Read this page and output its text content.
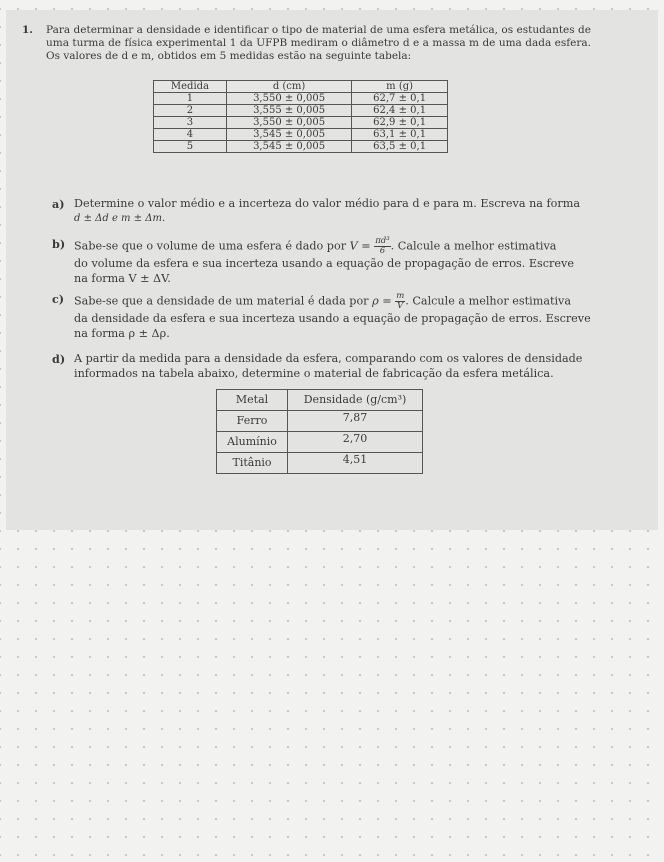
1. Para determinar a densidade e identificar o tipo de material de uma esfera metálica, os estudantes de uma turma de física experimental 1 da UFPB mediram o diâmetro d e a massa m de uma dada esfera. Os valores de d e m, obtidos em 5 medidas estão na seguinte tabela:
Medida	d (cm)	m (g)
1	3,550 ± 0,005	62,7 ± 0,1
2	3,555 ± 0,005	62,4 ± 0,1
3	3,550 ± 0,005	62,9 ± 0,1
4	3,545 ± 0,005	63,1 ± 0,1
5	3,545 ± 0,005	63,5 ± 0,1
a) Determine o valor médio e a incerteza do valor médio para d e para m. Escreva na forma
d ± Δd e m ± Δm.
b) Sabe-se que o volume de uma esfera é dado por $V = \frac{\text{πd³}}{6}$ . Calcule a melhor estimativa
do volume da esfera e sua incerteza usando a equação de propagação de erros. Escreve
na forma V ± ΔV.
c) Sabe-se que a densidade de um material é dada por $\rho = \frac{m}{V}$ . Calcule a melhor estimativa
da densidade da esfera e sua incerteza usando a equação de propagação de erros. Escreve
na forma ρ ± Δρ.
d) A partir da medida para a densidade da esfera, comparando com os valores de densidade
informados na tabela abaixo, determine o material de fabricação da esfera metálica.
Metal	Densidade (g/cm³)
Ferro	7,87
Alumínio	2,70
Titânio	4,51
